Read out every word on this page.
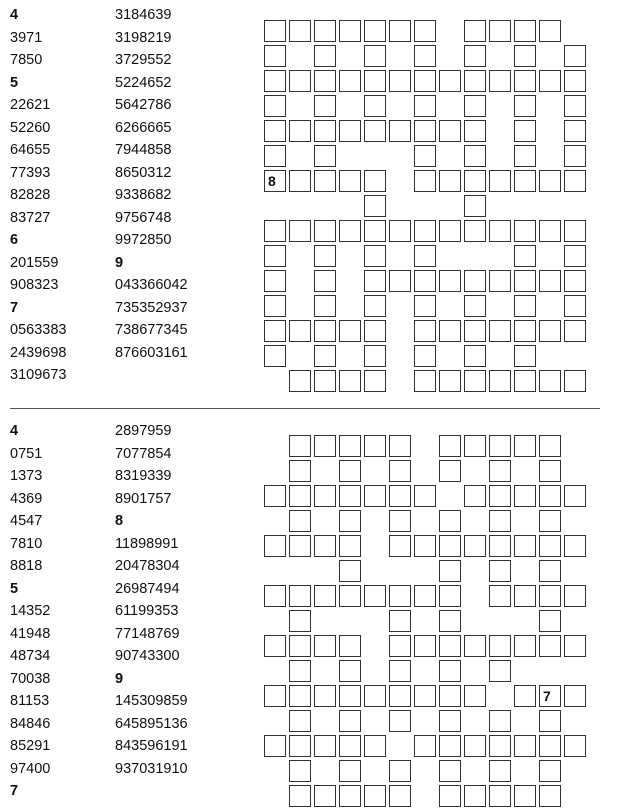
4
3971
7850
5
22621
52260
64655
77393
82828
83727
6
201559
908323
7
0563383
2439698
3109673
3184639
3198219
3729552
5224652
5642786
6266665
7944858
8650312
9338682
9756748
9972850
9
043366042
735352937
738677345
876603161
8
4
0751
1373
4369
4547
7810
8818
5
14352
41948
48734
70038
81153
84846
85291
97400
7
2897959
7077854
8319339
8901757
8
11898991
20478304
26987494
61199353
77148769
90743300
9
145309859
645895136
843596191
937031910
7
